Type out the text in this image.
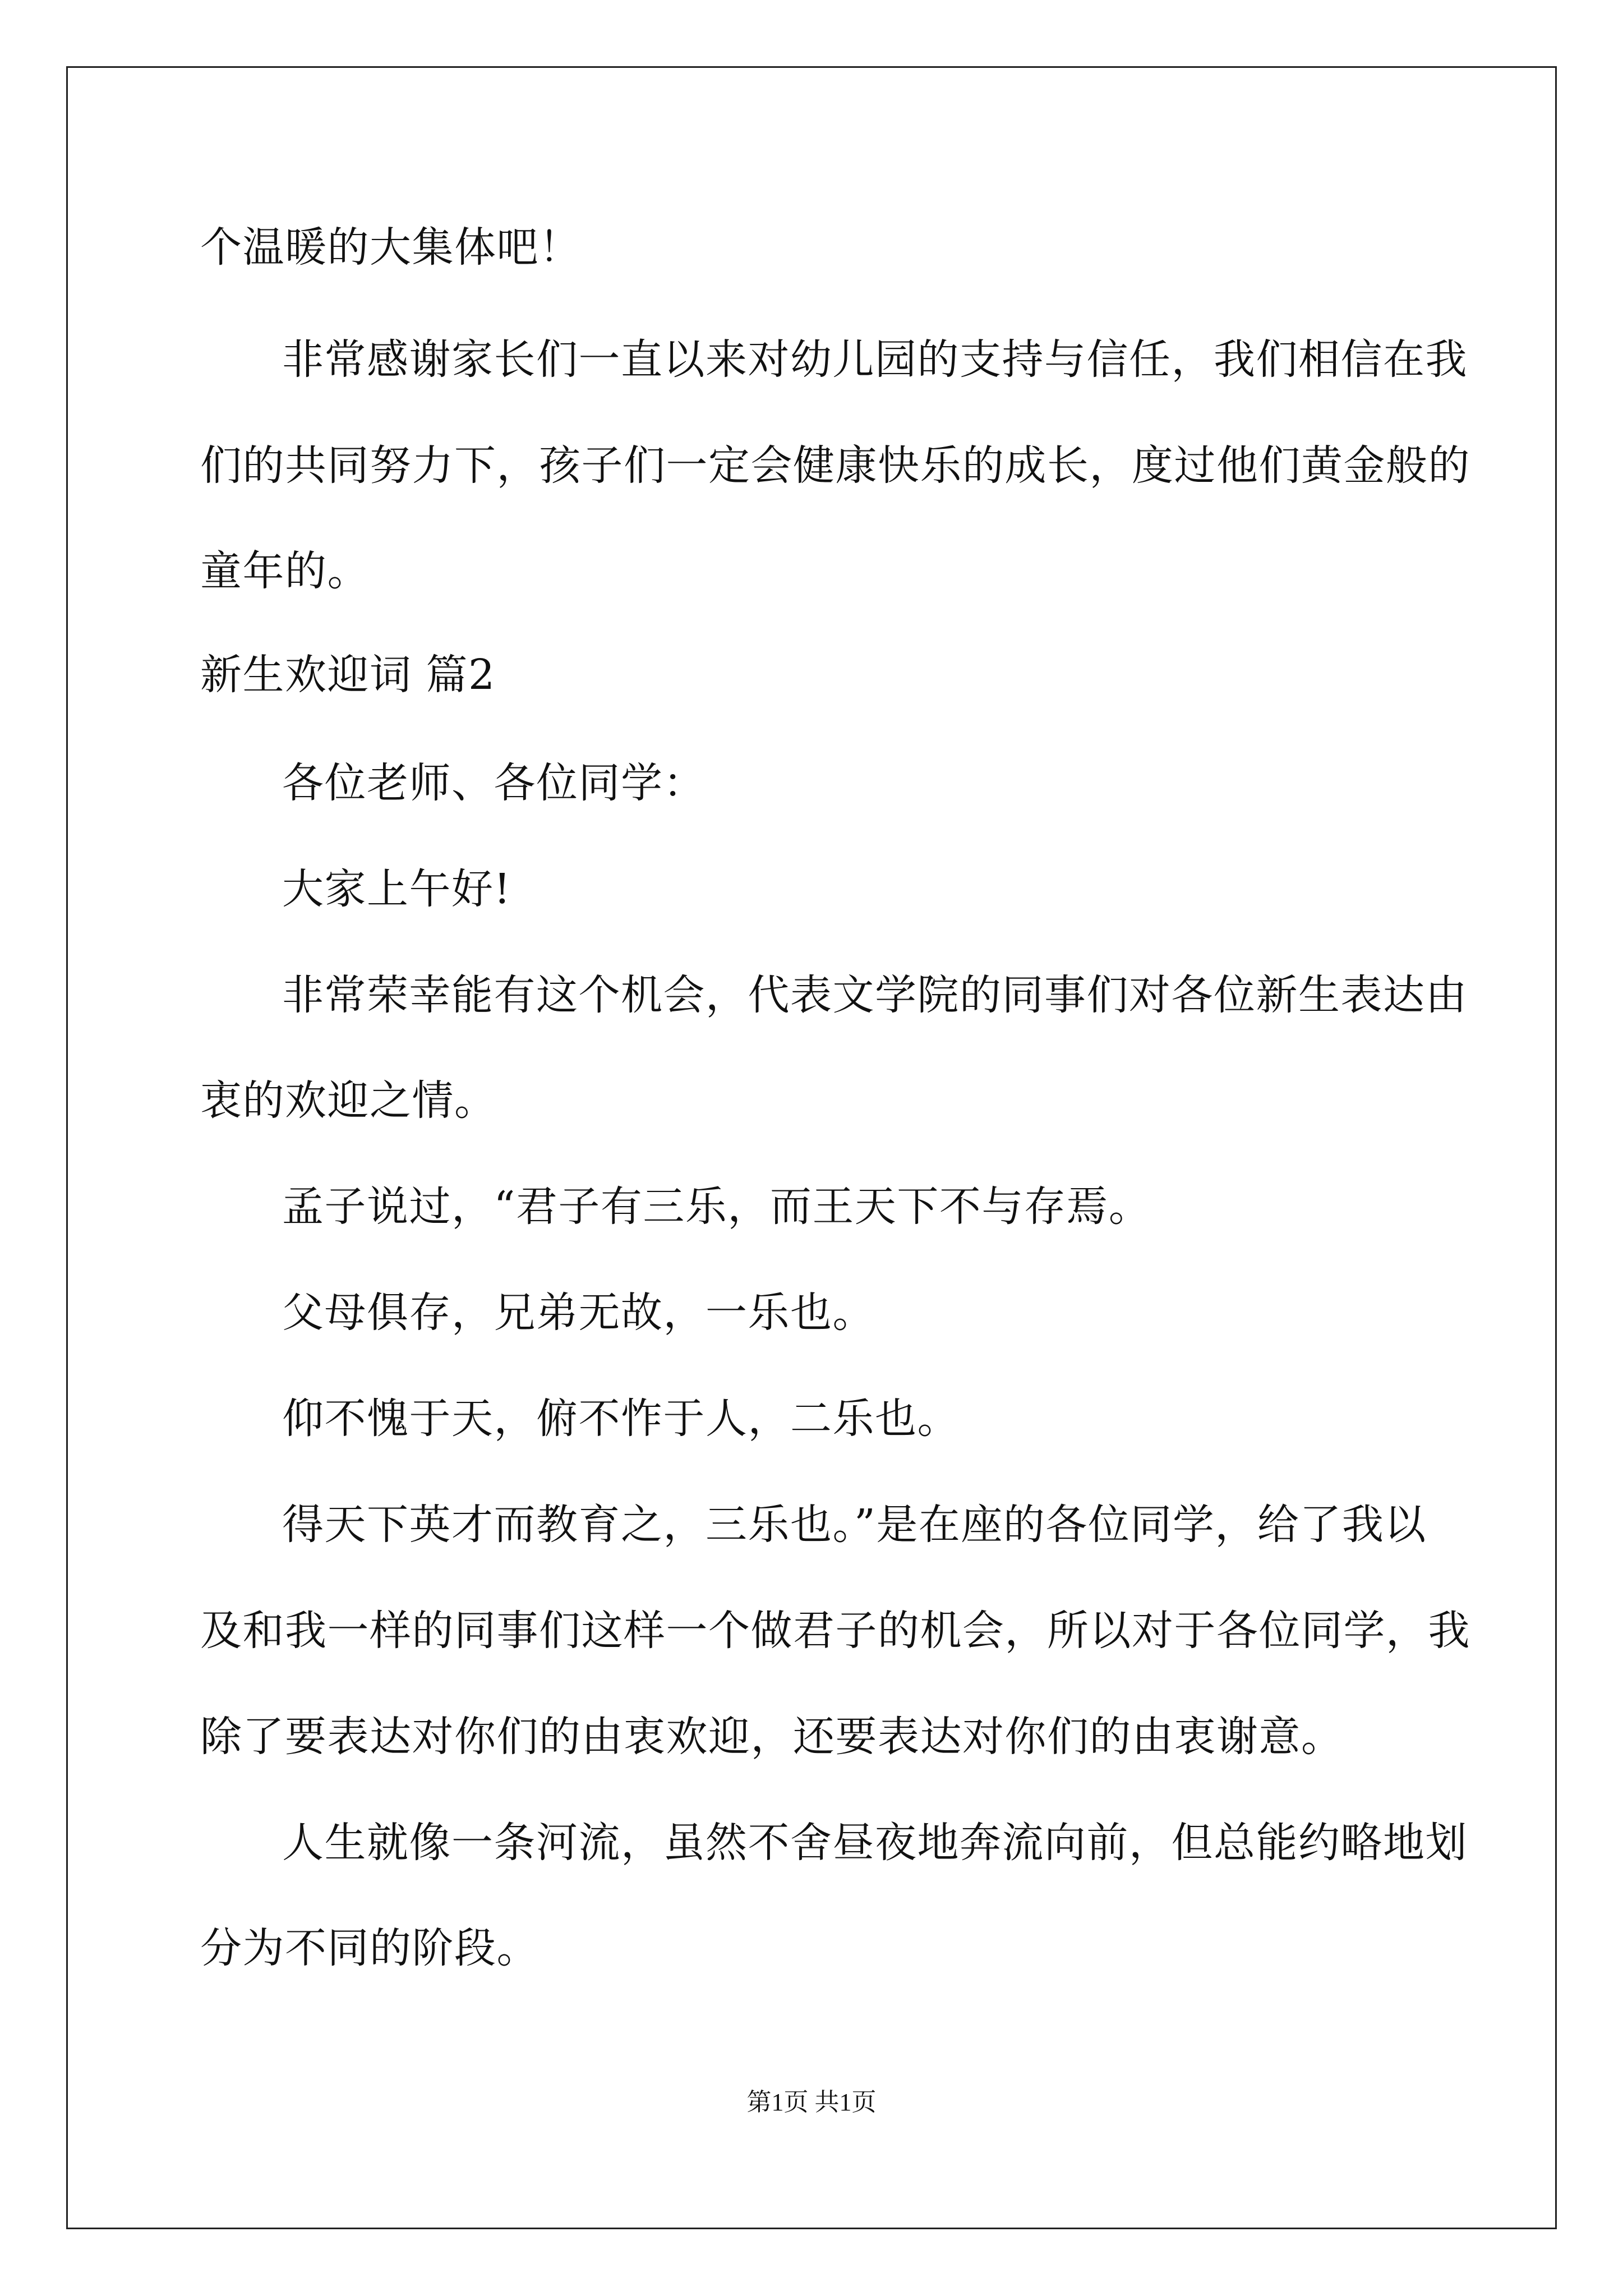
个温暖的大集体吧！
非常感谢家长们一直以来对幼儿园的支持与信任，我们相信在我
们的共同努力下，孩子们一定会健康快乐的成长，度过他们黄金般的
童年的。
新生欢迎词 篇2
各位老师、各位同学：
大家上午好!
非常荣幸能有这个机会，代表文学院的同事们对各位新生表达由
衷的欢迎之情。
孟子说过，“君子有三乐，而王天下不与存焉。
父母俱存，兄弟无故，一乐也。
仰不愧于天，俯不怍于人，二乐也。
得天下英才而教育之，三乐也。”是在座的各位同学，给了我以
及和我一样的同事们这样一个做君子的机会，所以对于各位同学，我
除了要表达对你们的由衷欢迎，还要表达对你们的由衷谢意。
人生就像一条河流，虽然不舍昼夜地奔流向前，但总能约略地划
分为不同的阶段。
第1页 共1页
